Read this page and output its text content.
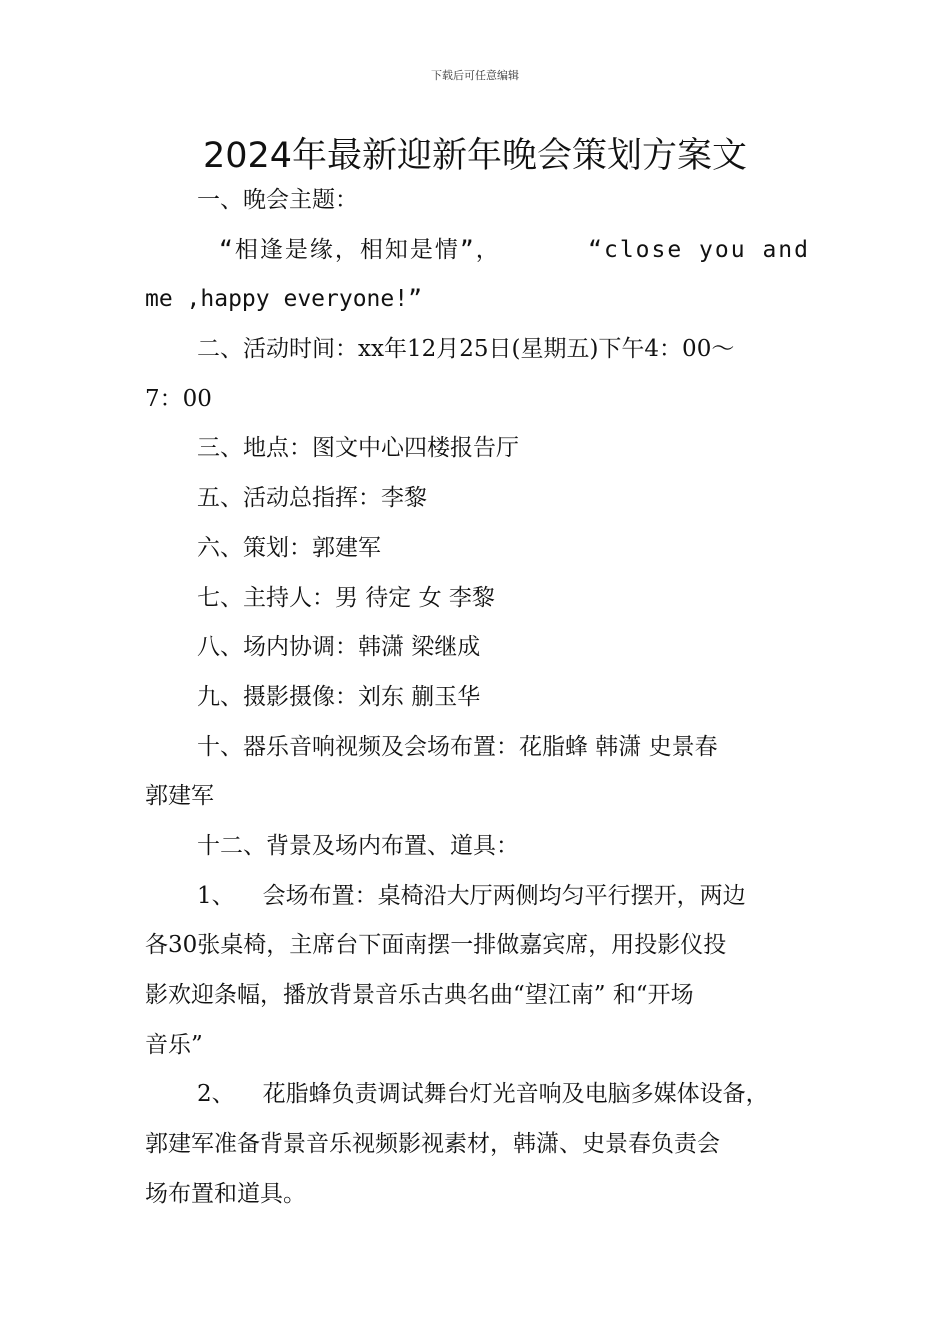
下载后可任意编辑
2024年最新迎新年晚会策划方案文
一、晚会主题：
“相逢是缘，相知是情”，	“close you and
me ,happy everyone!”
二、活动时间：xx年12月25日(星期五)下午4：00～
7：00
三、地点：图文中心四楼报告厅
五、活动总指挥：李黎
六、策划：郭建军
七、主持人：男 待定 女 李黎
八、场内协调：韩潇 梁继成
九、摄影摄像：刘东 蒯玉华
十、器乐音响视频及会场布置：花脂蜂 韩潇 史景春
郭建军
十二、背景及场内布置、道具：
1、 会场布置：桌椅沿大厅两侧均匀平行摆开，两边
各30张桌椅，主席台下面南摆一排做嘉宾席，用投影仪投
影欢迎条幅，播放背景音乐古典名曲“望江南” 和“开场
音乐”
2、 花脂蜂负责调试舞台灯光音响及电脑多媒体设备，
郭建军准备背景音乐视频影视素材，韩潇、史景春负责会
场布置和道具。
